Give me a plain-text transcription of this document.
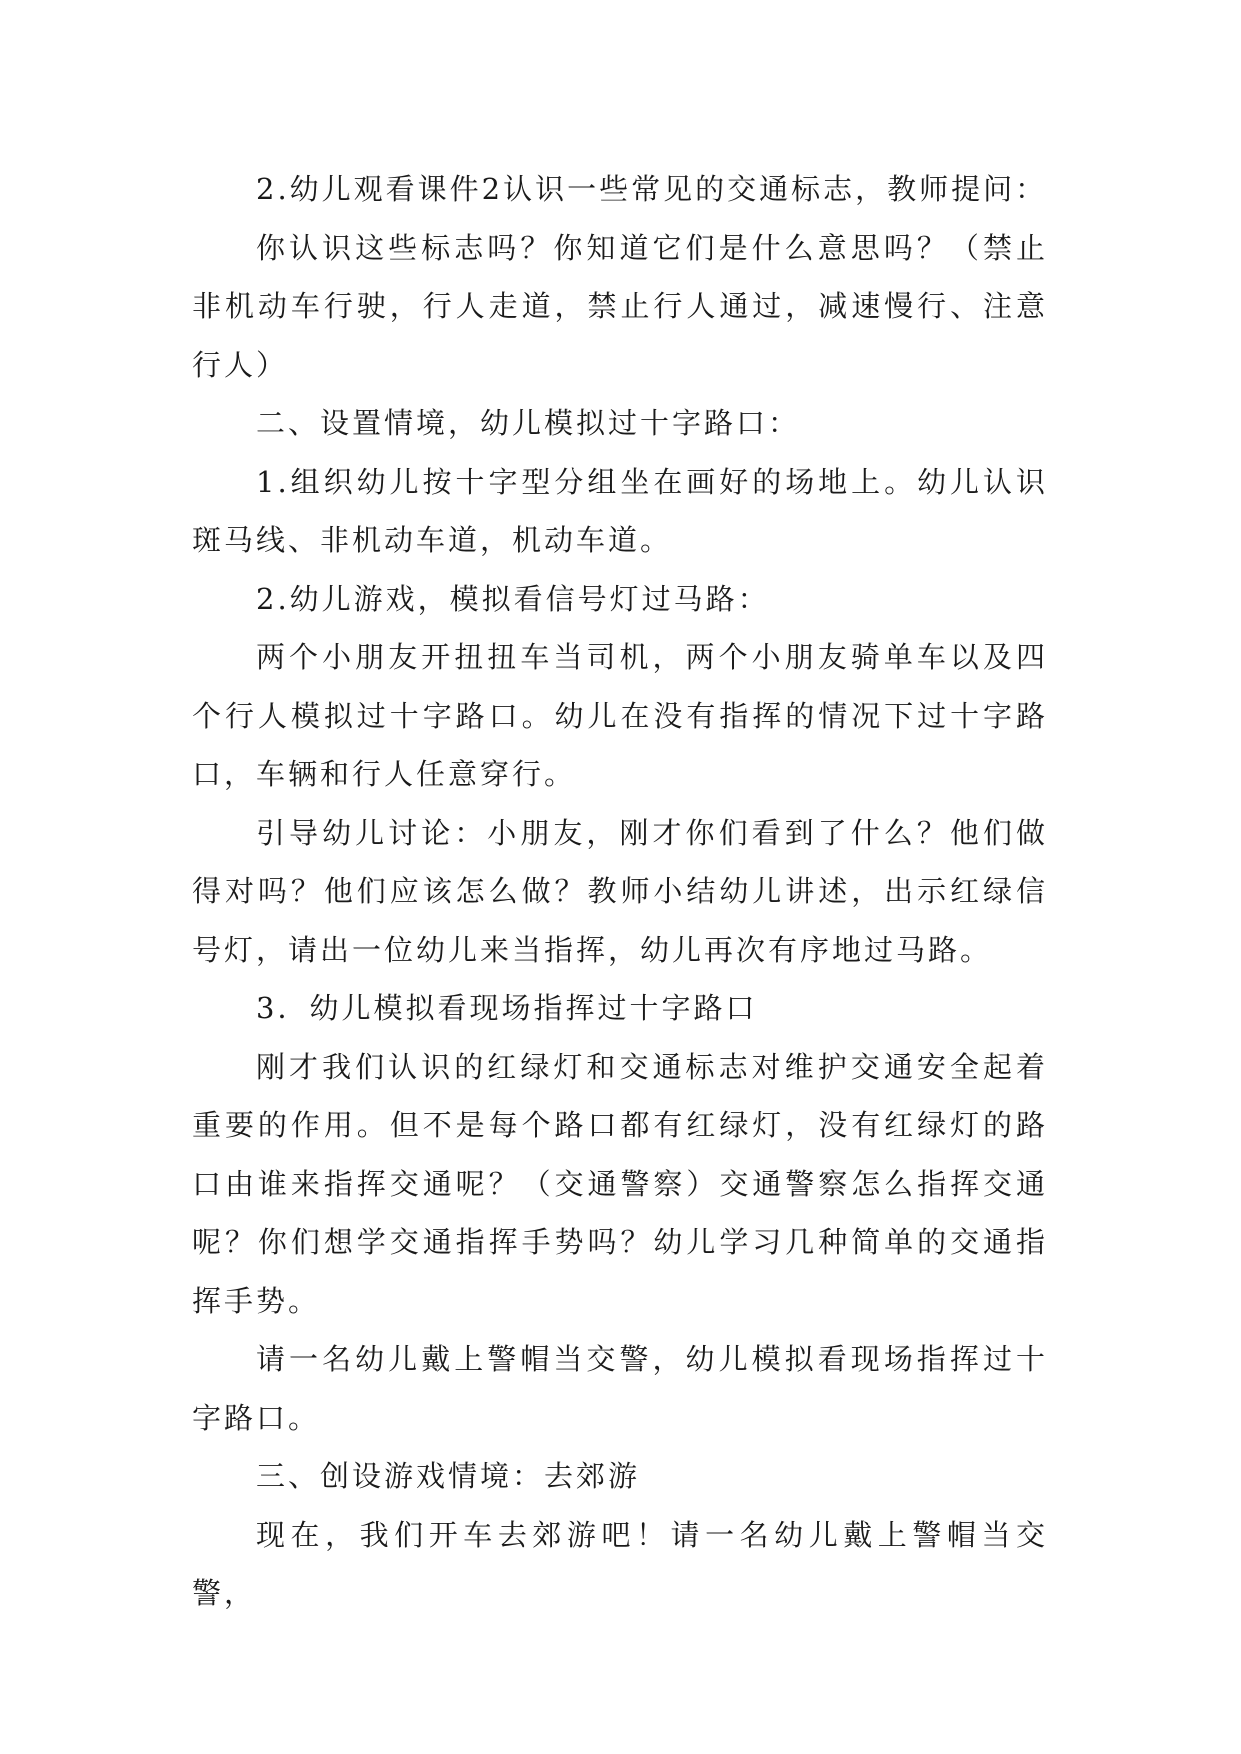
2.幼儿观看课件2认识一些常见的交通标志，教师提问：

你认识这些标志吗？你知道它们是什么意思吗？（禁止非机动车行驶，行人走道，禁止行人通过，减速慢行、注意行人）

二、设置情境，幼儿模拟过十字路口：

1.组织幼儿按十字型分组坐在画好的场地上。幼儿认识斑马线、非机动车道，机动车道。

2.幼儿游戏，模拟看信号灯过马路：

两个小朋友开扭扭车当司机，两个小朋友骑单车以及四个行人模拟过十字路口。幼儿在没有指挥的情况下过十字路口，车辆和行人任意穿行。

引导幼儿讨论：小朋友，刚才你们看到了什么？他们做得对吗？他们应该怎么做？教师小结幼儿讲述，出示红绿信号灯，请出一位幼儿来当指挥，幼儿再次有序地过马路。

3．幼儿模拟看现场指挥过十字路口

刚才我们认识的红绿灯和交通标志对维护交通安全起着重要的作用。但不是每个路口都有红绿灯，没有红绿灯的路口由谁来指挥交通呢？（交通警察）交通警察怎么指挥交通呢？你们想学交通指挥手势吗？幼儿学习几种简单的交通指挥手势。

请一名幼儿戴上警帽当交警，幼儿模拟看现场指挥过十字路口。

三、创设游戏情境：去郊游

现在，我们开车去郊游吧！请一名幼儿戴上警帽当交警，
